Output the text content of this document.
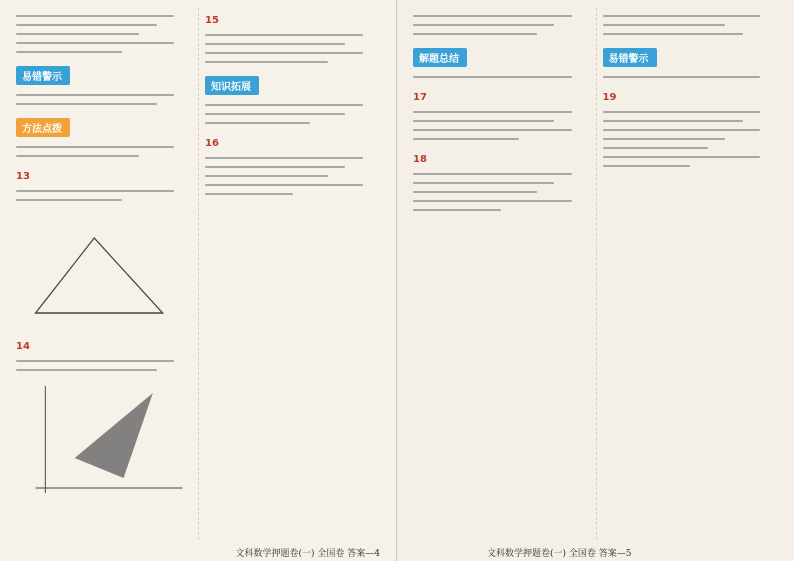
易错警示
方法点拨
13
14
15
知识拓展
16
文科数学押题卷(一) 全国卷 答案—4
解题总结
17
18
易错警示
19
文科数学押题卷(一) 全国卷 答案—5
